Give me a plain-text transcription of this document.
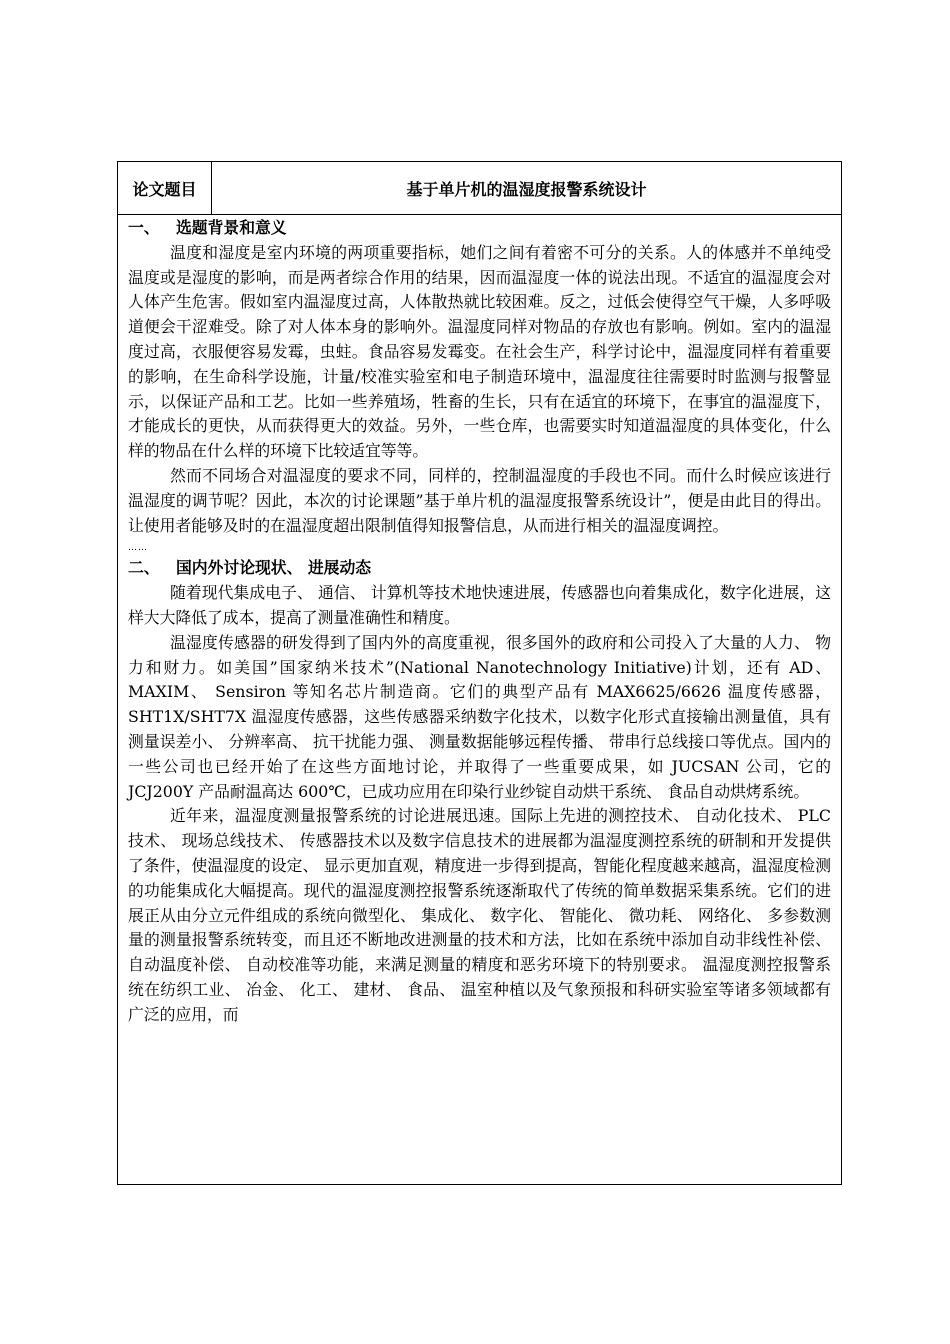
论文题目	基于单片机的温湿度报警系统设计
一、	选题背景和意义

温度和湿度是室内环境的两项重要指标，她们之间有着密不可分的关系。人的体感并不单纯受温度或是湿度的影响，而是两者综合作用的结果，因而温湿度一体的说法出现。不适宜的温湿度会对人体产生危害。假如室内温湿度过高，人体散热就比较困难。反之，过低会使得空气干燥，人多呼吸道便会干涩难受。除了对人体本身的影响外。温湿度同样对物品的存放也有影响。例如。室内的温湿度过高，衣服便容易发霉，虫蛀。食品容易发霉变。在社会生产，科学讨论中，温湿度同样有着重要的影响，在生命科学设施，计量/校准实验室和电子制造环境中，温湿度往往需要时时监测与报警显示，以保证产品和工艺。比如一些养殖场，牲畜的生长，只有在适宜的环境下，在事宜的温湿度下，才能成长的更快，从而获得更大的效益。另外，一些仓库，也需要实时知道温湿度的具体变化，什么样的物品在什么样的环境下比较适宜等等。

然而不同场合对温湿度的要求不同，同样的，控制温湿度的手段也不同。而什么时候应该进行温湿度的调节呢？因此，本次的讨论课题”基于单片机的温湿度报警系统设计”，便是由此目的得出。让使用者能够及时的在温湿度超出限制值得知报警信息，从而进行相关的温湿度调控。

……
二、	国内外讨论现状、 进展动态

随着现代集成电子、 通信、 计算机等技术地快速进展，传感器也向着集成化，数字化进展，这样大大降低了成本，提高了测量准确性和精度。

温湿度传感器的研发得到了国内外的高度重视，很多国外的政府和公司投入了大量的人力、 物力和财力。如美国”国家纳米技术”(National Nanotechnology Initiative)计划，还有 AD、 MAXIM、 Sensiron 等知名芯片制造商。它们的典型产品有 MAX6625/6626 温度传感器， SHT1X/SHT7X 温湿度传感器，这些传感器采纳数字化技术，以数字化形式直接输出测量值，具有测量误差小、 分辨率高、 抗干扰能力强、 测量数据能够远程传播、 带串行总线接口等优点。国内的一些公司也已经开始了在这些方面地讨论，并取得了一些重要成果，如 JUCSAN 公司，它的 JCJ200Y 产品耐温高达 600℃，已成功应用在印染行业纱锭自动烘干系统、 食品自动烘烤系统。

近年来，温湿度测量报警系统的讨论进展迅速。国际上先进的测控技术、 自动化技术、 PLC 技术、 现场总线技术、 传感器技术以及数字信息技术的进展都为温湿度测控系统的研制和开发提供了条件，使温湿度的设定、 显示更加直观，精度进一步得到提高，智能化程度越来越高，温湿度检测的功能集成化大幅提高。现代的温湿度测控报警系统逐渐取代了传统的简单数据采集系统。它们的进展正从由分立元件组成的系统向微型化、 集成化、 数字化、 智能化、 微功耗、 网络化、 多参数测量的测量报警系统转变，而且还不断地改进测量的技术和方法，比如在系统中添加自动非线性补偿、 自动温度补偿、 自动校准等功能，来满足测量的精度和恶劣环境下的特别要求。 温湿度测控报警系统在纺织工业、 冶金、 化工、 建材、 食品、 温室种植以及气象预报和科研实验室等诸多领域都有广泛的应用，而
